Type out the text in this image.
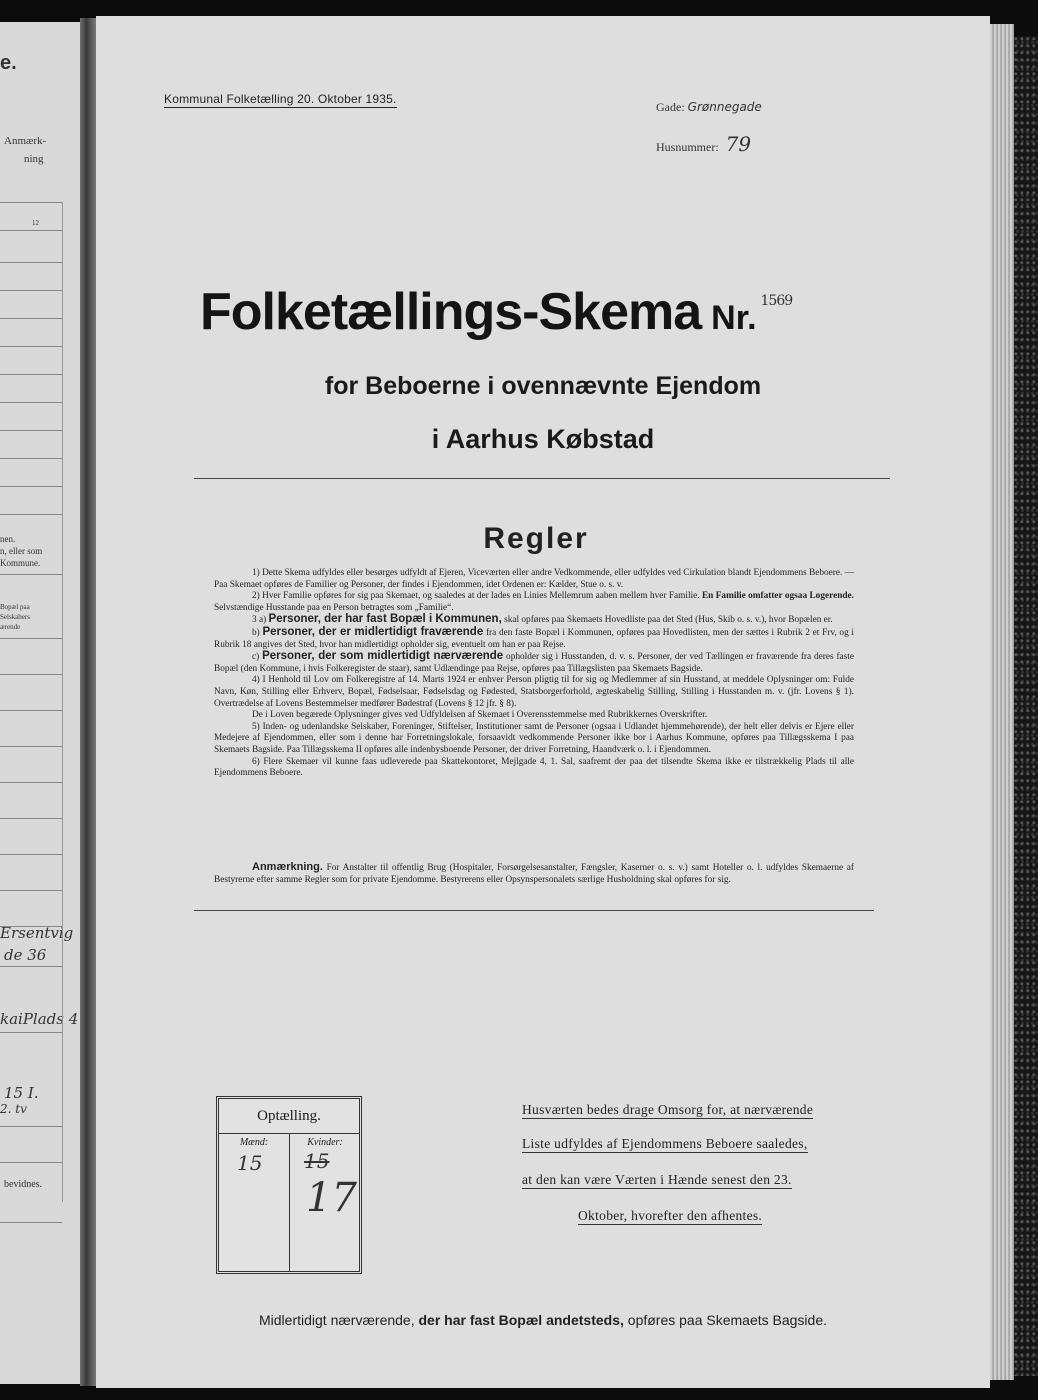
e.
Anmærk-
ning
12
nen.
n, eller som
Kommune.
Bopæl paa
Selskabers
ærende
Ersentvig
de 36
kaiPlads 4
15 I.
2. tv
bevidnes.
Kommunal Folketælling 20. Oktober 1935.
Gade: Grønnegade
Husnummer: 79
Folketællings-Skema Nr. $^{1569}$
for Beboerne i ovennævnte Ejendom
i Aarhus Købstad
Regler

1) Dette Skema udfyldes eller besørges udfyldt af Ejeren, Viceværten eller andre Vedkommende, eller udfyldes ved Cirkulation blandt Ejendommens Beboere. — Paa Skemaet opføres de Familier og Personer, der findes i Ejendommen, idet Ordenen er: Kælder, Stue o. s. v.

2) Hver Familie opføres for sig paa Skemaet, og saaledes at der lades en Linies Mellemrum aaben mellem hver Familie. En Familie omfatter ogsaa Logerende. Selvstændige Husstande paa en Person betragtes som „Familie“.

3 a) Personer, der har fast Bopæl i Kommunen, skal opføres paa Skemaets Hovedliste paa det Sted (Hus, Skib o. s. v.), hvor Bopælen er.

b) Personer, der er midlertidigt fraværende fra den faste Bopæl i Kommunen, opføres paa Hovedlisten, men der sættes i Rubrik 2 et Frv, og i Rubrik 18 angives det Sted, hvor han midlertidigt opholder sig, eventuelt om han er paa Rejse.

c) Personer, der som midlertidigt nærværende opholder sig i Husstanden, d. v. s. Personer, der ved Tællingen er fraværende fra deres faste Bopæl (den Kommune, i hvis Folkeregister de staar), samt Udlændinge paa Rejse, opføres paa Tillægslisten paa Skemaets Bagside.

4) I Henhold til Lov om Folkeregistre af 14. Marts 1924 er enhver Person pligtig til for sig og Medlemmer af sin Husstand, at meddele Oplysninger om: Fulde Navn, Køn, Stilling eller Erhverv, Bopæl, Fødselsaar, Fødselsdag og Fødested, Statsborgerforhold, ægteskabelig Stilling, Stilling i Husstanden m. v. (jfr. Lovens § 1). Overtrædelse af Lovens Bestemmelser medfører Bødestraf (Lovens § 12 jfr. § 8).

De i Loven begærede Oplysninger gives ved Udfyldelsen af Skemaet i Overensstemmelse med Rubrikkernes Overskrifter.

5) Inden- og udenlandske Selskaber, Foreninger, Stiftelser, Institutioner samt de Personer (ogsaa i Udlandet hjemmehørende), der helt eller delvis er Ejere eller Medejere af Ejendommen, eller som i denne har Forretningslokale, forsaavidt vedkommende Personer ikke bor i Aarhus Kommune, opføres paa Tillægsskema I paa Skemaets Bagside. Paa Tillægsskema II opføres alle indenbysboende Personer, der driver Forretning, Haandværk o. l. i Ejendommen.

6) Flere Skemaer vil kunne faas udleverede paa Skattekontoret, Mejlgade 4, 1. Sal, saafremt der paa det tilsendte Skema ikke er tilstrækkelig Plads til alle Ejendommens Beboere.

Anmærkning. For Anstalter til offentlig Brug (Hospitaler, Forsørgelsesanstalter, Fængsler, Kaserner o. s. v.) samt Hoteller o. l. udfyldes Skemaerne af Bestyrerne efter samme Regler som for private Ejendomme. Bestyrerens eller Opsynspersonalets særlige Husholdning skal opføres for sig.

Optælling.
Mænd:
15
Kvinder:
15
17
Husværten bedes drage Omsorg for, at nærværende
Liste udfyldes af Ejendommens Beboere saaledes,
at den kan være Værten i Hænde senest den 23.
Oktober, hvorefter den afhentes.
Midlertidigt nærværende, der har fast Bopæl andetsteds, opføres paa Skemaets Bagside.
